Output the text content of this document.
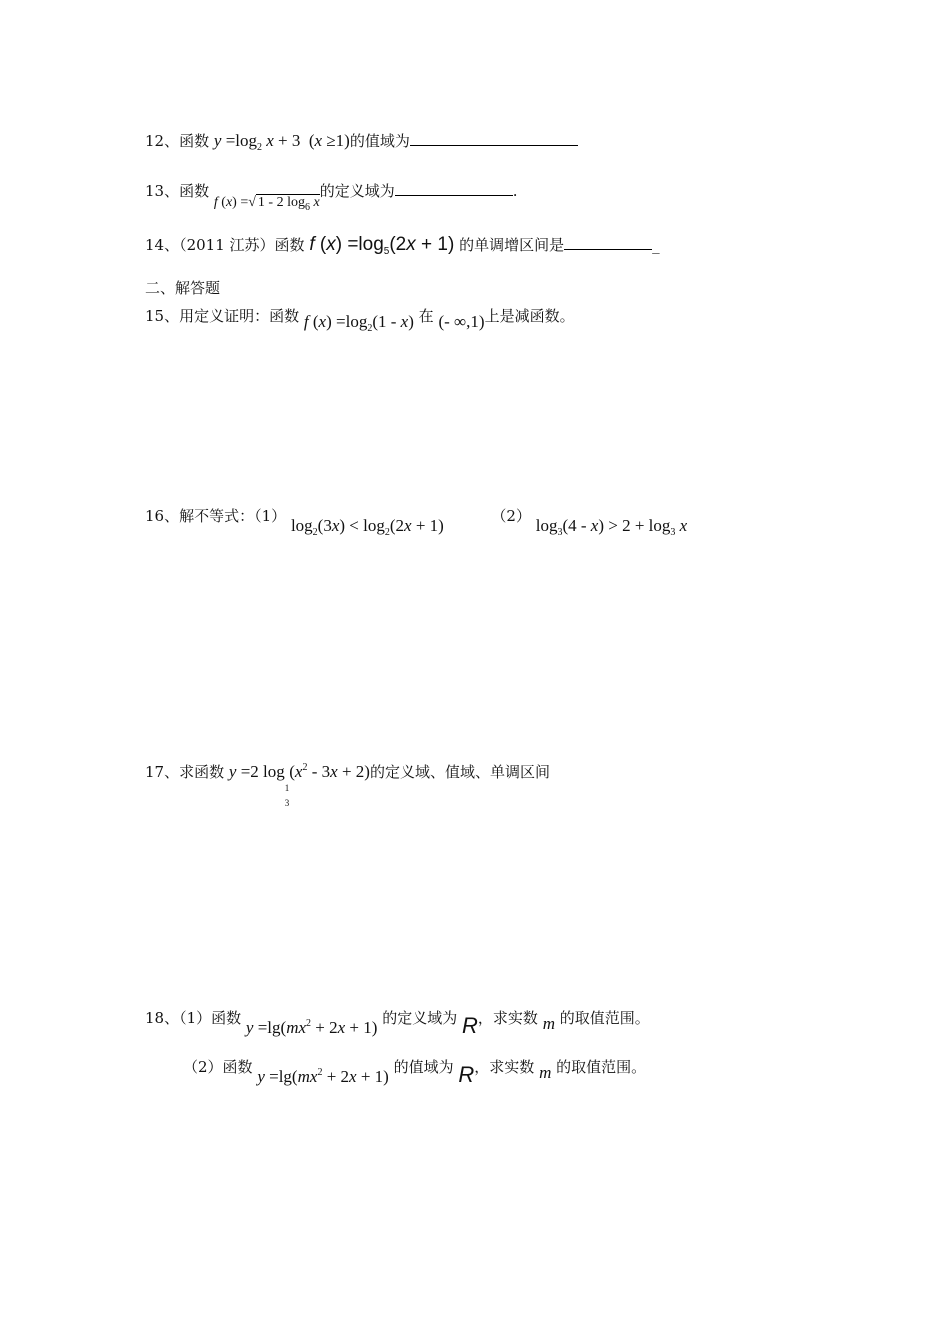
12、函数 $y =\log_2$ x + 3  (x ≥1)的值域为
13、函数 f (x) =√ 1 - 2 $\log_6 x$的定义域为	.
14、（2011 江苏）函数 f $(x) =\log_5(2x + 1)$ 的单调增区间是	_
二、解答题
15、用定义证明：函数 f $(x) =\log_2(1 - x)$ 在 (- ∞,1)上是减函数。
16、解不等式：（1） $\log_2(3x) < \log_2(2x + 1)$	（2） $\log_3(4 - x) > 2 + \log_3 x$
17、求函数 y =2 log
1
3
$(x^2 - 3x + 2)$的定义域、值域、单调区间
18、（1）函数 $y =\lg(mx^2 + 2x + 1)$ 的定义域为 R，求实数 m 的取值范围。
（2）函数 $y =\lg(mx^2 + 2x + 1)$ 的值域为 R，求实数 m 的取值范围。
